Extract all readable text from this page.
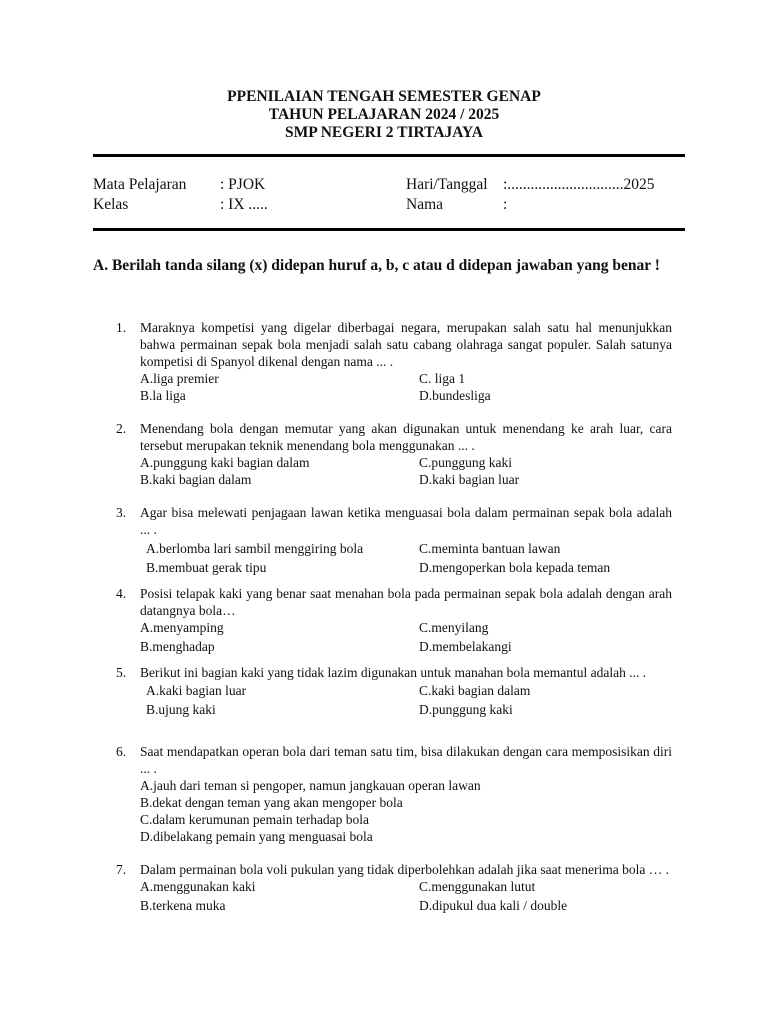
PPENILAIAN TENGAH SEMESTER GENAP
TAHUN PELAJARAN 2024 / 2025
SMP NEGERI 2 TIRTAJAYA
Mata Pelajaran : PJOK	Hari/Tanggal :..............................2025
Kelas	: IX .....	Nama	:
A. Berilah tanda silang (x) didepan huruf a, b, c atau d didepan jawaban yang benar !
1. Maraknya kompetisi yang digelar diberbagai negara, merupakan salah satu hal menunjukkan bahwa permainan sepak bola menjadi salah satu cabang olahraga sangat populer. Salah satunya kompetisi di Spanyol dikenal dengan nama ... .
A.liga premier	C. liga 1
B.la liga	D.bundesliga
2. Menendang bola dengan memutar yang akan digunakan untuk menendang ke arah luar, cara tersebut merupakan teknik menendang bola menggunakan ... .
A.punggung kaki bagian dalam	C.punggung kaki
B.kaki bagian dalam	D.kaki bagian luar
3. Agar bisa melewati penjagaan lawan ketika menguasai bola dalam permainan sepak bola adalah ... .
A.berlomba lari sambil menggiring bola	C.meminta bantuan lawan
B.membuat gerak tipu	D.mengoperkan bola kepada teman
4. Posisi telapak kaki yang benar saat menahan bola pada permainan sepak bola adalah dengan arah datangnya bola…
A.menyamping	C.menyilang
B.menghadap	D.membelakangi
5. Berikut ini bagian kaki yang tidak lazim digunakan untuk manahan bola memantul adalah ... .
A.kaki bagian luar	C.kaki bagian dalam
B.ujung kaki	D.punggung kaki
6. Saat mendapatkan operan bola dari teman satu tim, bisa dilakukan dengan cara memposisikan diri ... .
A.jauh dari teman si pengoper, namun jangkauan operan lawan
B.dekat dengan teman yang akan mengoper bola
C.dalam kerumunan pemain terhadap bola
D.dibelakang pemain yang menguasai bola
7. Dalam permainan bola voli pukulan yang tidak diperbolehkan adalah jika saat menerima bola … .
A.menggunakan kaki	C.menggunakan lutut
B.terkena muka	D.dipukul dua kali / double
